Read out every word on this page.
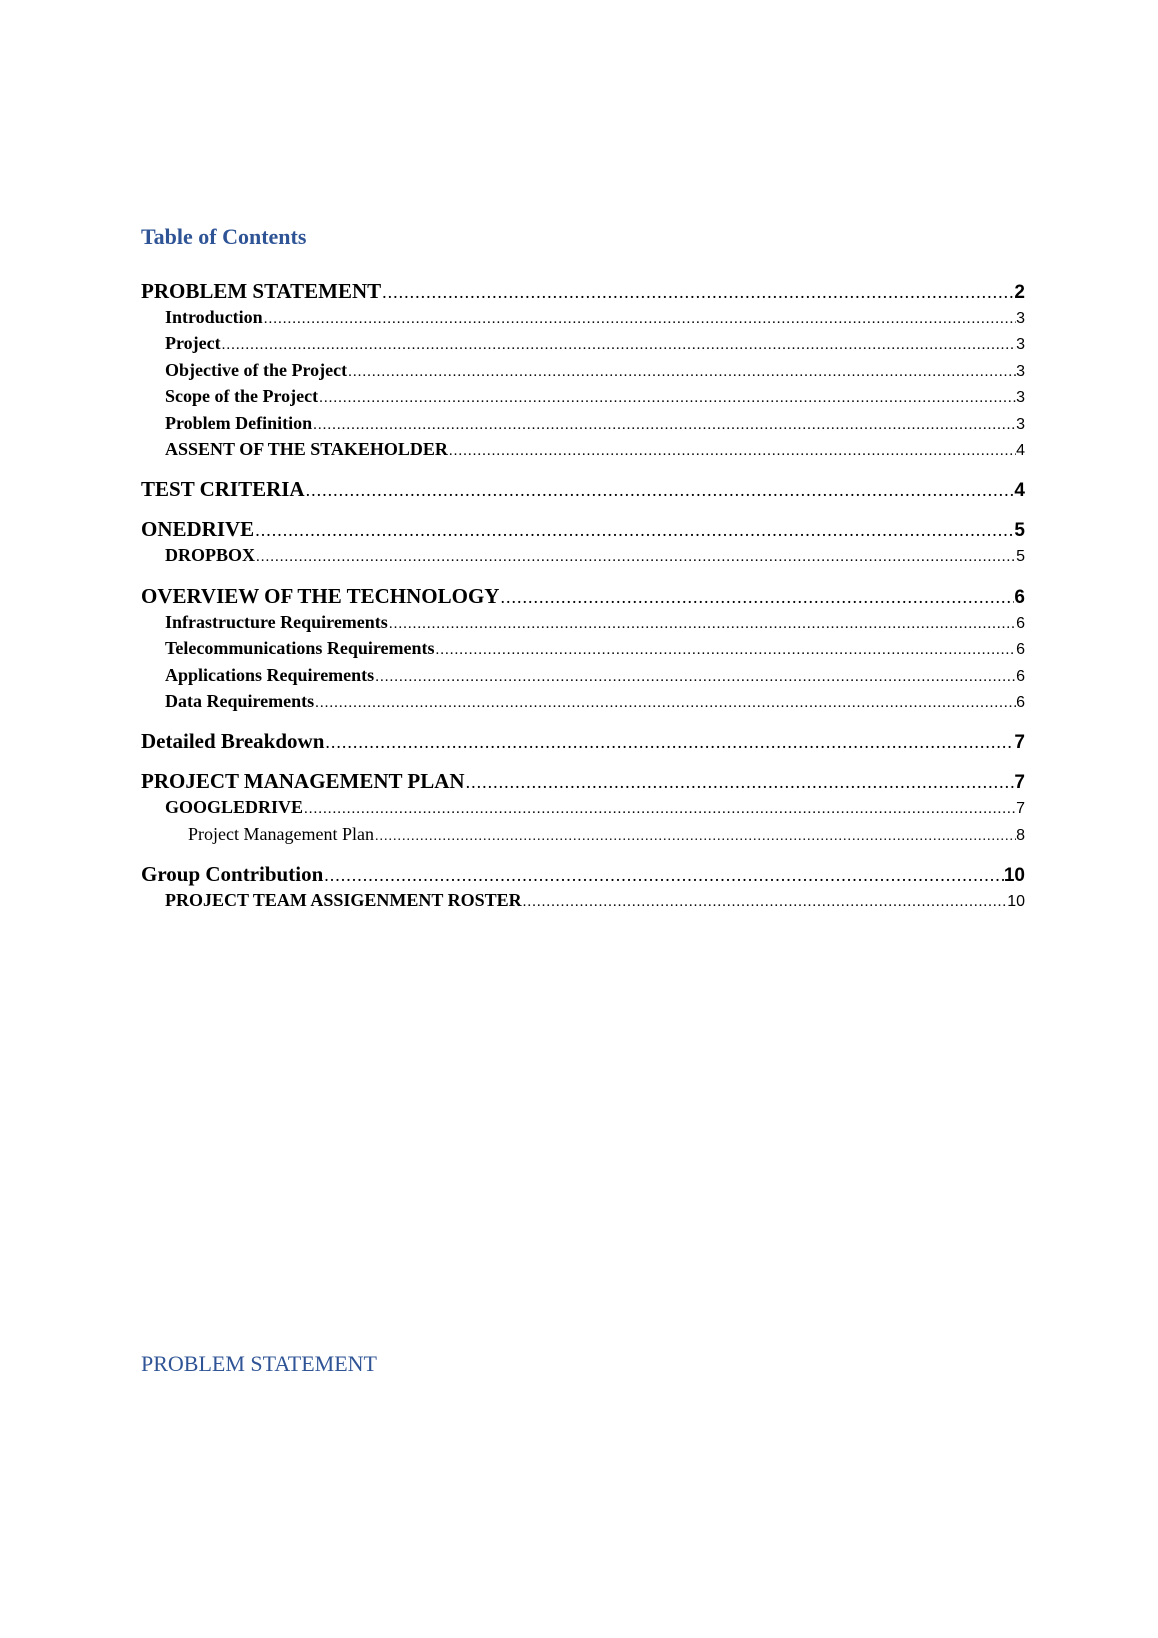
Table of Contents
PROBLEM STATEMENT .....	2
Introduction .....	3
Project .....	3
Objective of the Project .....	3
Scope of the Project .....	3
Problem Definition .....	3
ASSENT OF THE STAKEHOLDER .....	4
TEST CRITERIA .....	4
ONEDRIVE .....	5
DROPBOX .....	5
OVERVIEW OF THE TECHNOLOGY .....	6
Infrastructure Requirements .....	6
Telecommunications Requirements .....	6
Applications Requirements .....	6
Data Requirements .....	6
Detailed Breakdown .....	7
PROJECT MANAGEMENT PLAN .....	7
GOOGLEDRIVE .....	7
Project Management Plan .....	8
Group Contribution .....	10
PROJECT TEAM ASSIGENMENT ROSTER .....	10
PROBLEM STATEMENT
